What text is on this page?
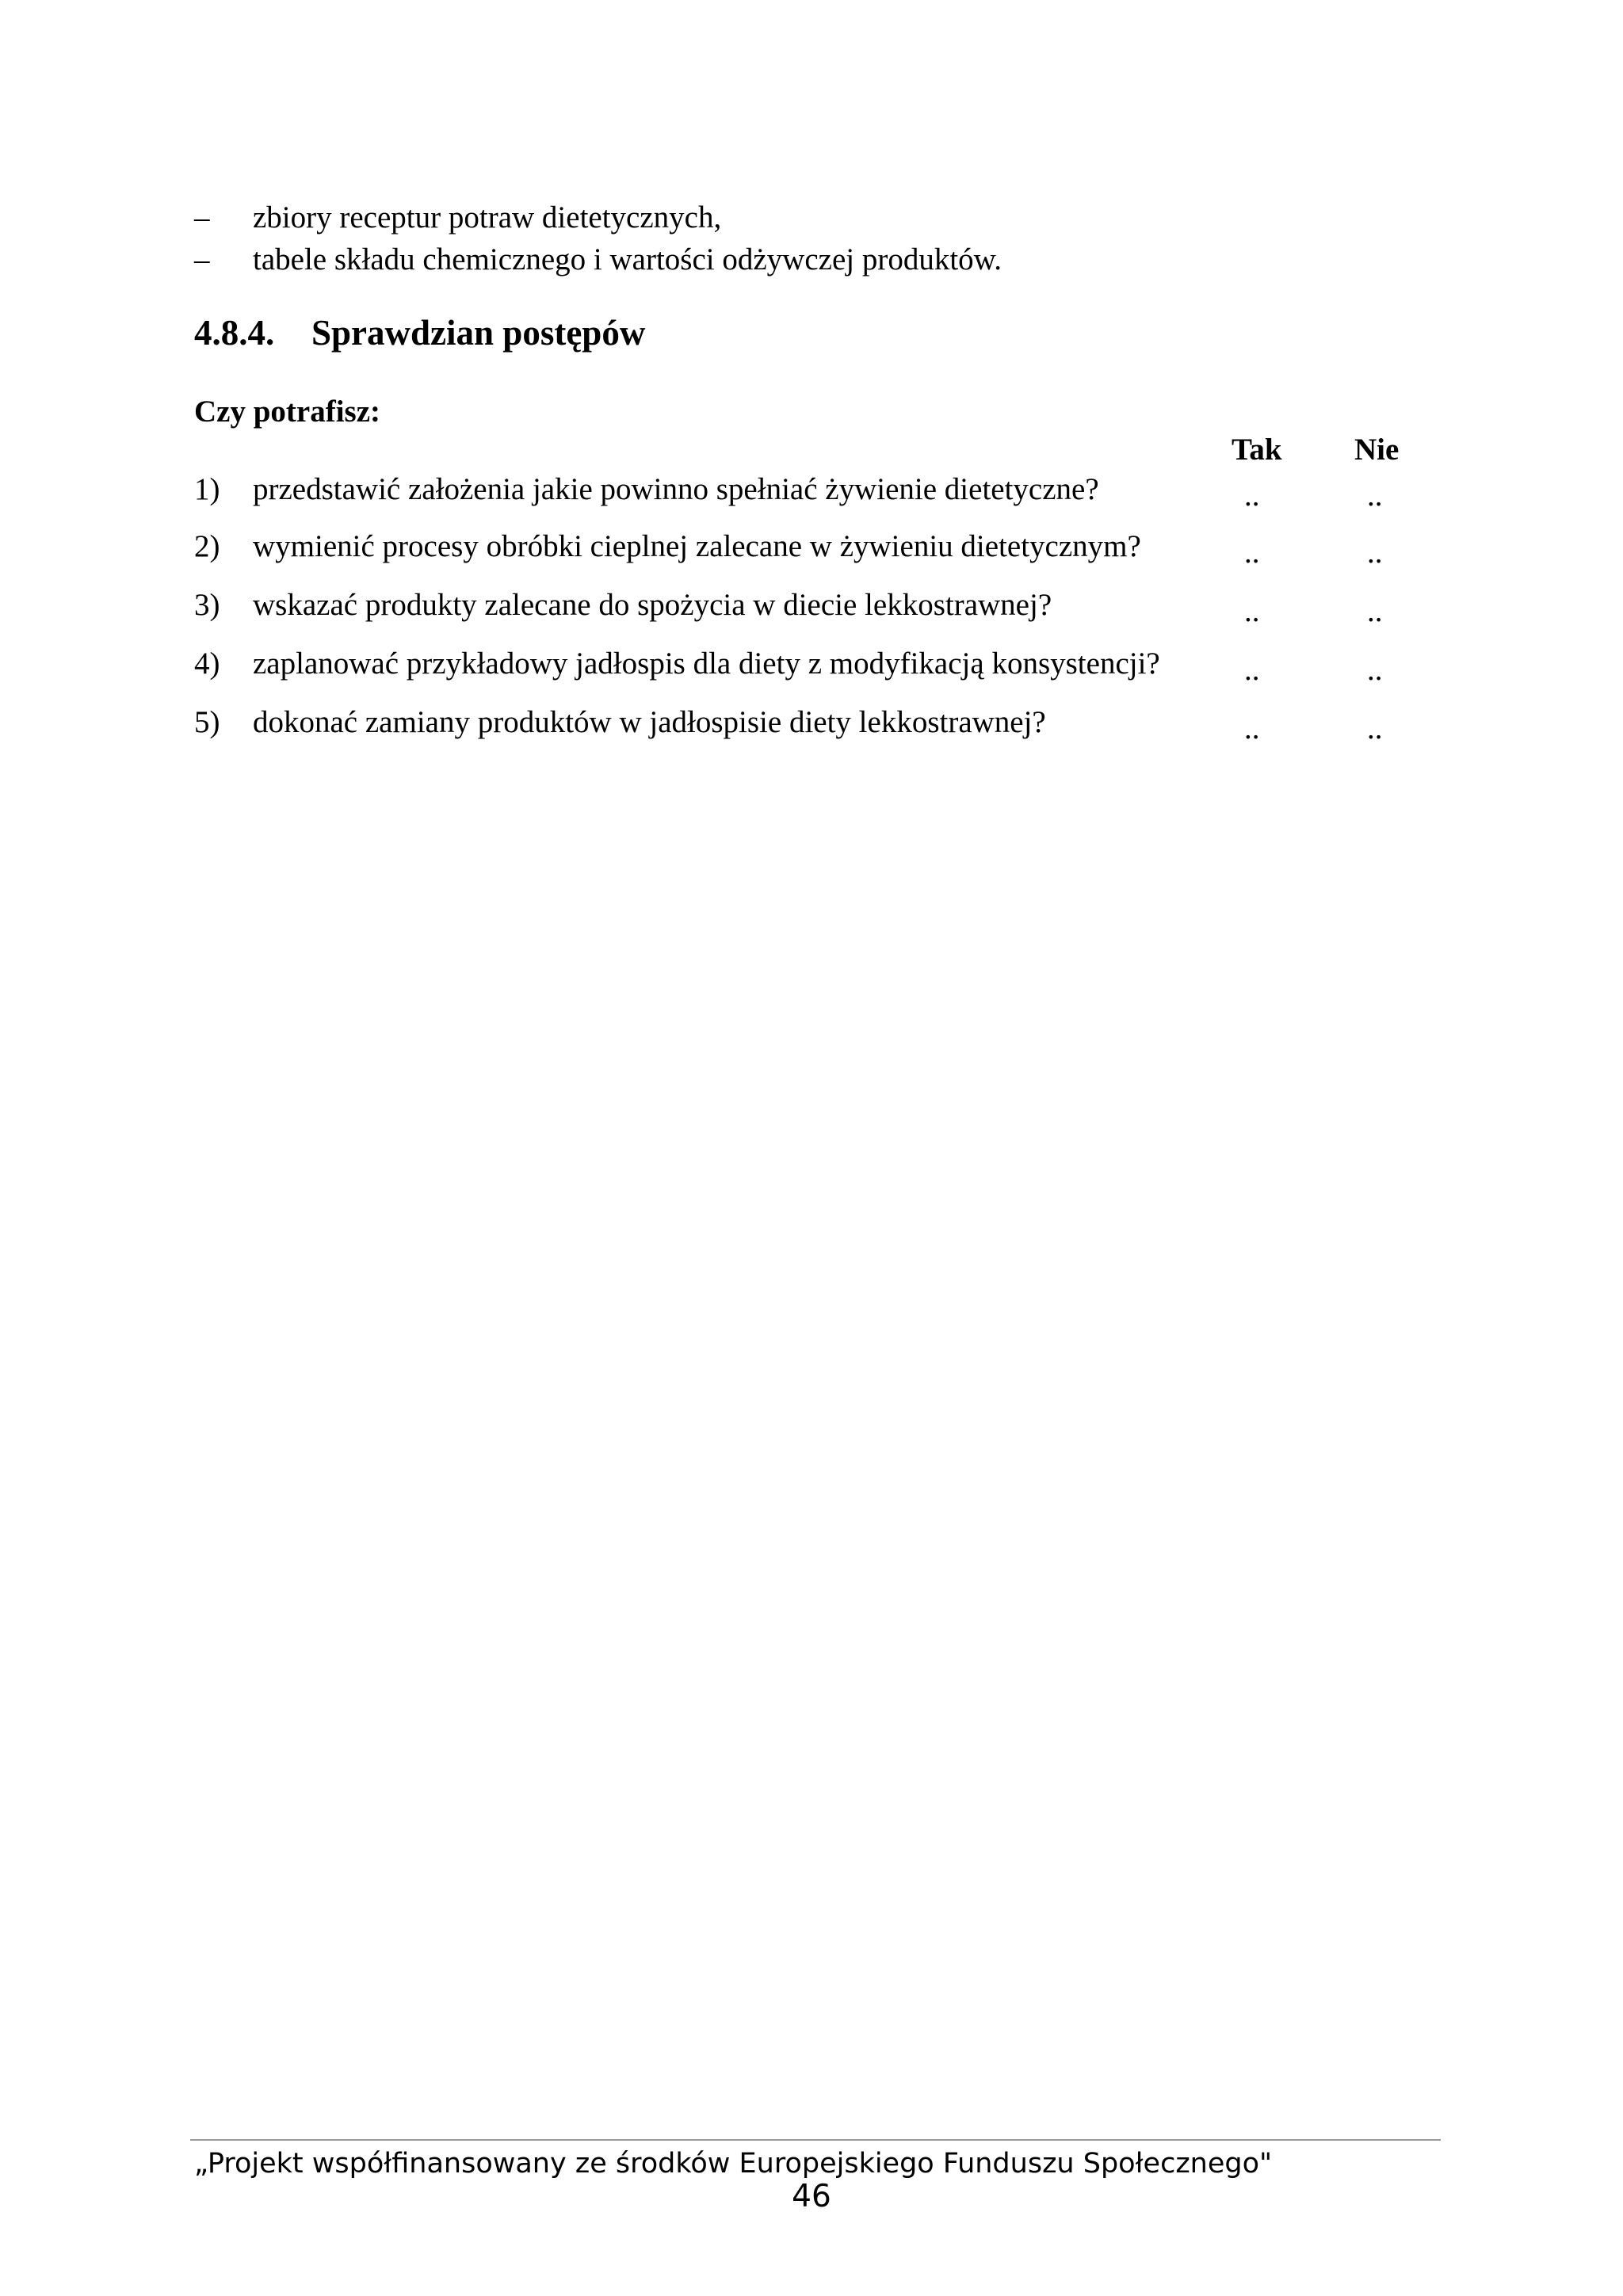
– zbiory receptur potraw dietetycznych,
– tabele składu chemicznego i wartości odżywczej produktów.
4.8.4. Sprawdzian postępów
Czy potrafisz:
Tak Nie
1) przedstawić założenia jakie powinno spełniać żywienie dietetyczne?	..	..
2) wymienić procesy obróbki cieplnej zalecane w żywieniu dietetycznym?	..	..
3) wskazać produkty zalecane do spożycia w diecie lekkostrawnej?	..	..
4) zaplanować przykładowy jadłospis dla diety z modyfikacją konsystencji?	..	..
5) dokonać zamiany produktów w jadłospisie diety lekkostrawnej?	..	..
„Projekt współfinansowany ze środków Europejskiego Funduszu Społecznego"
46
